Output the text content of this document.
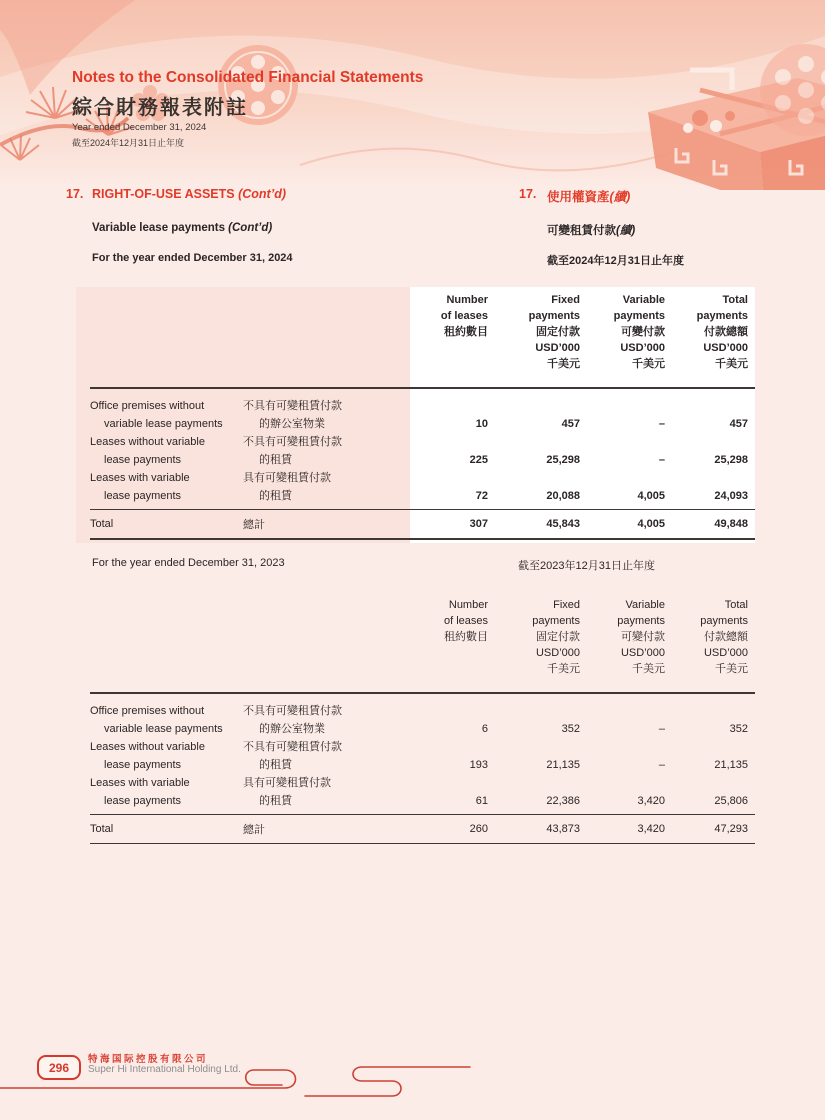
Notes to the Consolidated Financial Statements
綜合財務報表附註
Year ended December 31, 2024
截至2024年12月31日止年度
17. RIGHT-OF-USE ASSETS (Cont’d)	17. 使用權資產(續)
Variable lease payments (Cont’d)	可變租賃付款(續)
For the year ended December 31, 2024	截至2024年12月31日止年度
Number
of leases
租約數目
Fixed
payments
固定付款
USD’000
千美元
Variable
payments
可變付款
USD’000
千美元
Total
payments
付款總額
USD’000
千美元
Office premises without
variable lease payments
不具有可變租賃付款
的辦公室物業	10	457	–	457
Leases without variable
lease payments
不具有可變租賃付款
的租賃	225	25,298	–	25,298
Leases with variable
lease payments
具有可變租賃付款
的租賃	72	20,088	4,005	24,093
Total	總計	307	45,843	4,005	49,848
For the year ended December 31, 2023	截至2023年12月31日止年度
Number
of leases
租約數目
Fixed
payments
固定付款
USD’000
千美元
Variable
payments
可變付款
USD’000
千美元
Total
payments
付款總額
USD’000
千美元
Office premises without
variable lease payments
不具有可變租賃付款
的辦公室物業	6	352	–	352
Leases without variable
lease payments
不具有可變租賃付款
的租賃	193	21,135	–	21,135
Leases with variable
lease payments
具有可變租賃付款
的租賃	61	22,386	3,420	25,806
Total	總計	260	43,873	3,420	47,293
296
特海国际控股有限公司
Super Hi International Holding Ltd.
